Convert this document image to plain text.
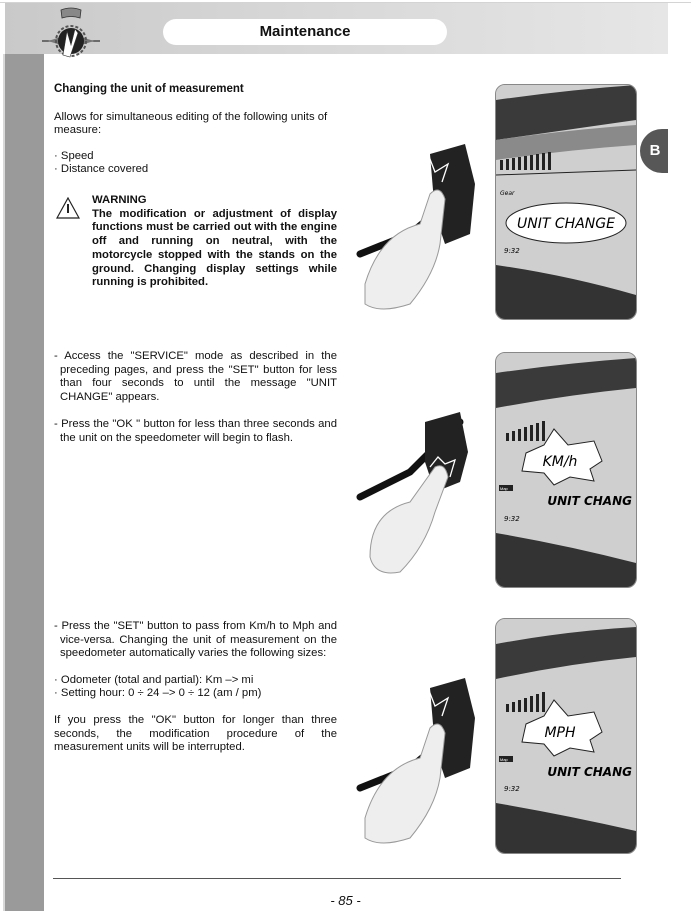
Maintenance
B
Changing the unit of measurement
Allows for simultaneous editing of the following units of measure:
· Speed
· Distance covered
WARNING
The modification or adjustment of display functions must be carried out with the engine off and running on neutral, with the motorcycle stopped with the stands on the ground. Changing display settings while running is prohibited.
- Access the "SERVICE" mode as described in the preceding pages, and press the "SET" button for less than four seconds to until the message "UNIT CHANGE" appears.
- Press the "OK " button for less than three seconds and the unit on the speedometer will begin to flash.
- Press the "SET" button to pass from Km/h to Mph and vice-versa. Changing the unit of measurement on the speedometer automatically varies the following sizes:
· Odometer (total and partial): Km –> mi
· Setting hour: 0 ÷ 24 –> 0 ÷ 12 (am / pm)
If you press the "OK" button for longer than three seconds, the modification procedure of the measurement units will be interrupted.
Gear
UNIT CHANGE
9:32
KM/h
UNIT CHANG
Map
9:32
MPH
UNIT CHANG
Map
9:32
- 85 -
